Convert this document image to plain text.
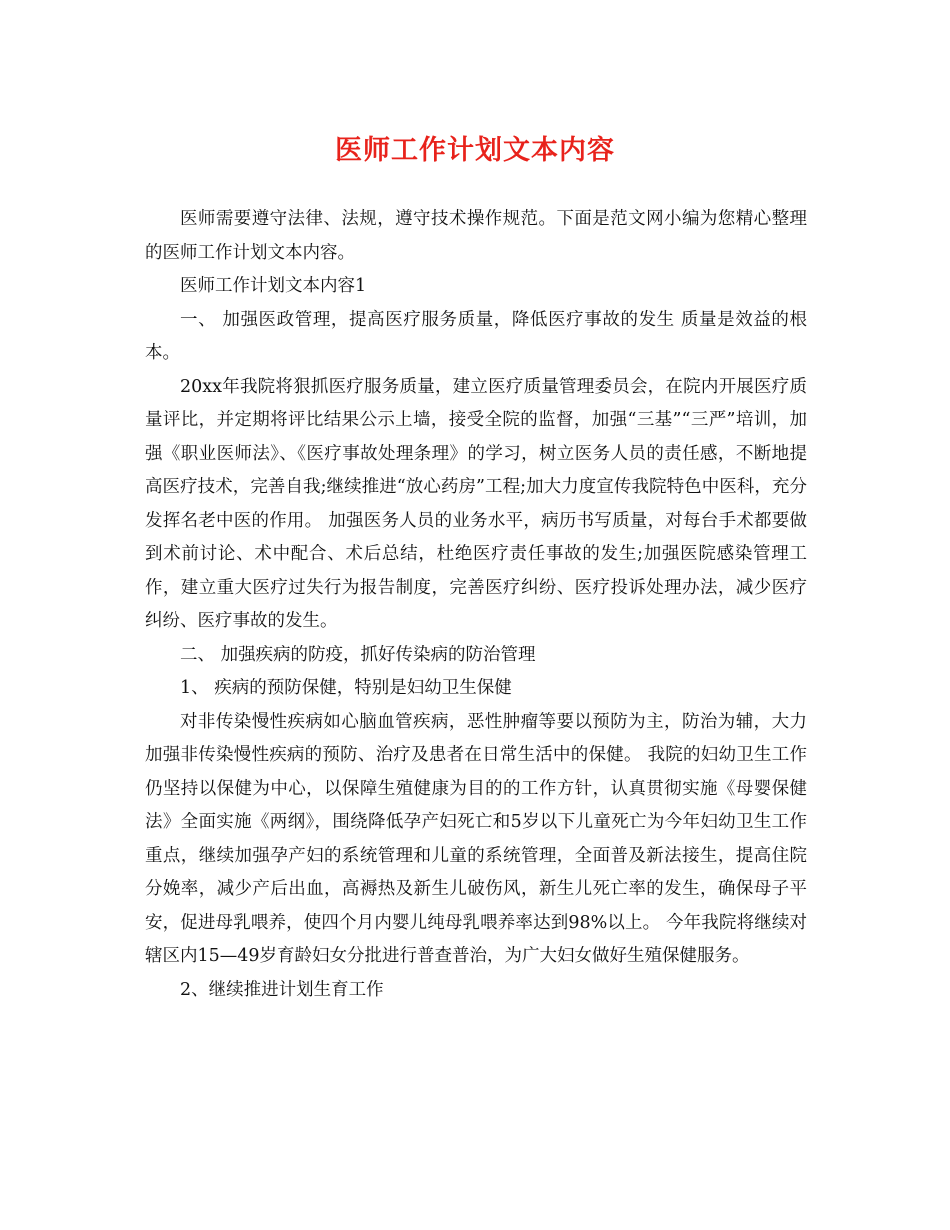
医师工作计划文本内容

医师需要遵守法律、法规，遵守技术操作规范。下面是范文网小编为您精心整理的医师工作计划文本内容。

医师工作计划文本内容1

一、 加强医政管理，提高医疗服务质量，降低医疗事故的发生 质量是效益的根本。

20xx年我院将狠抓医疗服务质量，建立医疗质量管理委员会，在院内开展医疗质量评比，并定期将评比结果公示上墙，接受全院的监督，加强“三基”“三严”培训，加强《职业医师法》、《医疗事故处理条理》的学习，树立医务人员的责任感，不断地提高医疗技术，完善自我;继续推进“放心药房”工程;加大力度宣传我院特色中医科，充分发挥名老中医的作用。 加强医务人员的业务水平，病历书写质量，对每台手术都要做到术前讨论、术中配合、术后总结，杜绝医疗责任事故的发生;加强医院感染管理工作，建立重大医疗过失行为报告制度，完善医疗纠纷、医疗投诉处理办法，减少医疗纠纷、医疗事故的发生。

二、 加强疾病的防疫，抓好传染病的防治管理

1、 疾病的预防保健，特别是妇幼卫生保健

对非传染慢性疾病如心脑血管疾病，恶性肿瘤等要以预防为主，防治为辅，大力加强非传染慢性疾病的预防、治疗及患者在日常生活中的保健。 我院的妇幼卫生工作仍坚持以保健为中心，以保障生殖健康为目的的工作方针，认真贯彻实施《母婴保健法》全面实施《两纲》，围绕降低孕产妇死亡和5岁以下儿童死亡为今年妇幼卫生工作重点，继续加强孕产妇的系统管理和儿童的系统管理，全面普及新法接生，提高住院分娩率，减少产后出血，高褥热及新生儿破伤风，新生儿死亡率的发生，确保母子平安，促进母乳喂养，使四个月内婴儿纯母乳喂养率达到98%以上。 今年我院将继续对辖区内15—49岁育龄妇女分批进行普查普治，为广大妇女做好生殖保健服务。

2、继续推进计划生育工作
